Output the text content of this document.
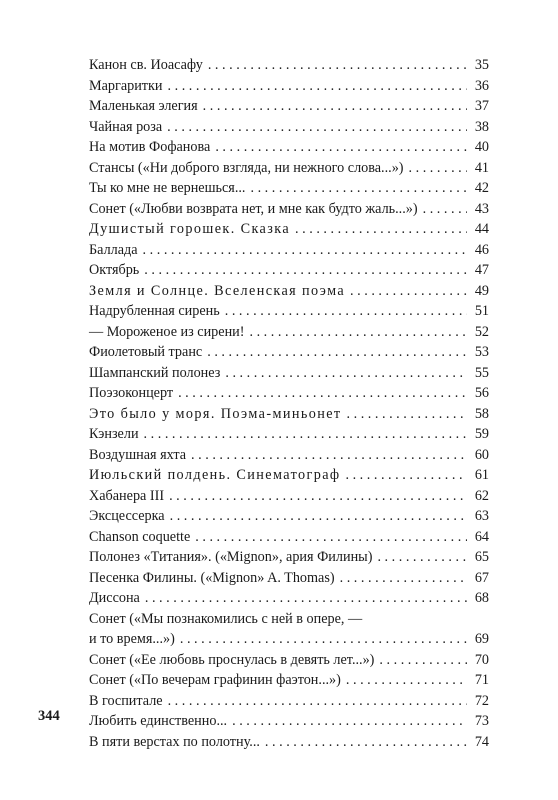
Канон св. Иоасафу . . .	35
Маргаритки . . .	36
Маленькая элегия . . .	37
Чайная роза . . .	38
На мотив Фофанова . . .	40
Стансы («Ни доброго взгляда, ни нежного слова...») . . .	41
Ты ко мне не вернешься... . . .	42
Сонет («Любви возврата нет, и мне как будто жаль...») . . .	43
Душистый горошек. Сказка . . .	44
Баллада . . .	46
Октябрь . . .	47
Земля и Солнце. Вселенская поэма . . .	49
Надрубленная сирень . . .	51
— Мороженое из сирени! . . .	52
Фиолетовый транс . . .	53
Шампанский полонез . . .	55
Поэзоконцерт . . .	56
Это было у моря. Поэма-миньонет . . .	58
Кэнзели . . .	59
Воздушная яхта . . .	60
Июльский полдень. Синематограф . . .	61
Хабанера III . . .	62
Эксцессерка . . .	63
Chanson coquette . . .	64
Полонез «Титания». («Mignon», ария Филины) . . .	65
Песенка Филины. («Mignon» A. Thomas) . . .	67
Диссона . . .	68
Сонет («Мы познакомились с ней в опере, —
и то время...») . . .	69
Сонет («Ее любовь проснулась в девять лет...») . . .	70
Сонет («По вечерам графинин фаэтон...») . . .	71
В госпитале . . .	72
Любить единственно... . . .	73
В пяти верстах по полотну... . . .	74
344
